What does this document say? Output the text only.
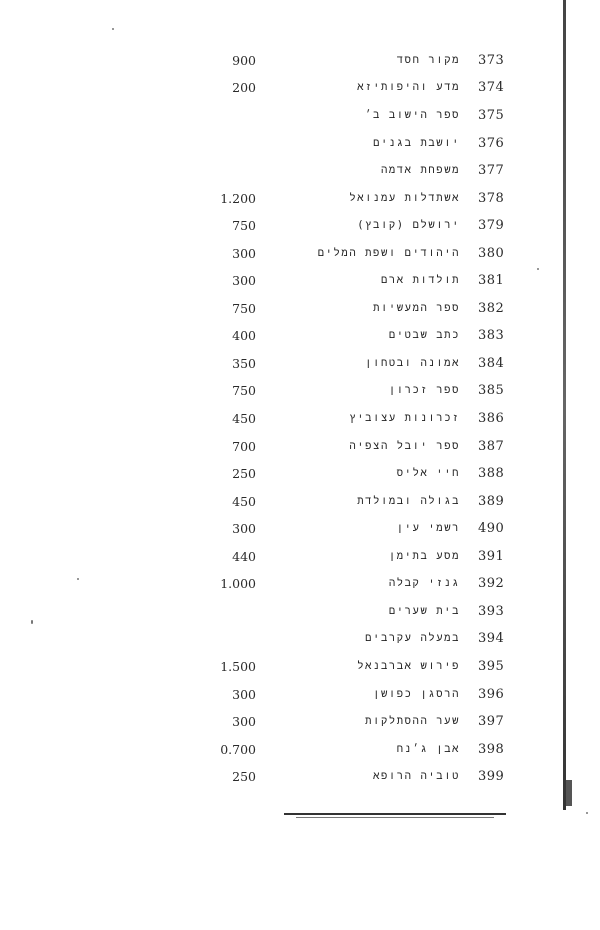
900	מקור חסד 373
200	מדע והיפותיזא 374
ספר הישוב ב׳ 375
יושבת בגנים 376
משפחת אדמה 377
1.200	אשתדלות עמנואל 378
750	ירושלם (קובץ) 379
300	היהודים ושפת המלים 380
300	תולדות ארם 381
750	ספר המעשיות 382
400	כתב שבטים 383
350	אמונה ובטחון 384
750	ספר זכרון 385
450	זכרונות עצוביץ 386
700	ספר יובל הצפיה 387
250	חיי אליס 388
450	בגולה ובמולדת 389
300	רשמי עין 490
440	מסע בתימן 391
1.000	גנזי קבלה 392
בית שערים 393
במעלה עקרבים 394
1.500	פירוש אברבנאל 395
300	הרסגן כפושן 396
300	שער ההסתלקות 397
0.700	אבן ג׳נח 398
250	טוביה הרופא 399
